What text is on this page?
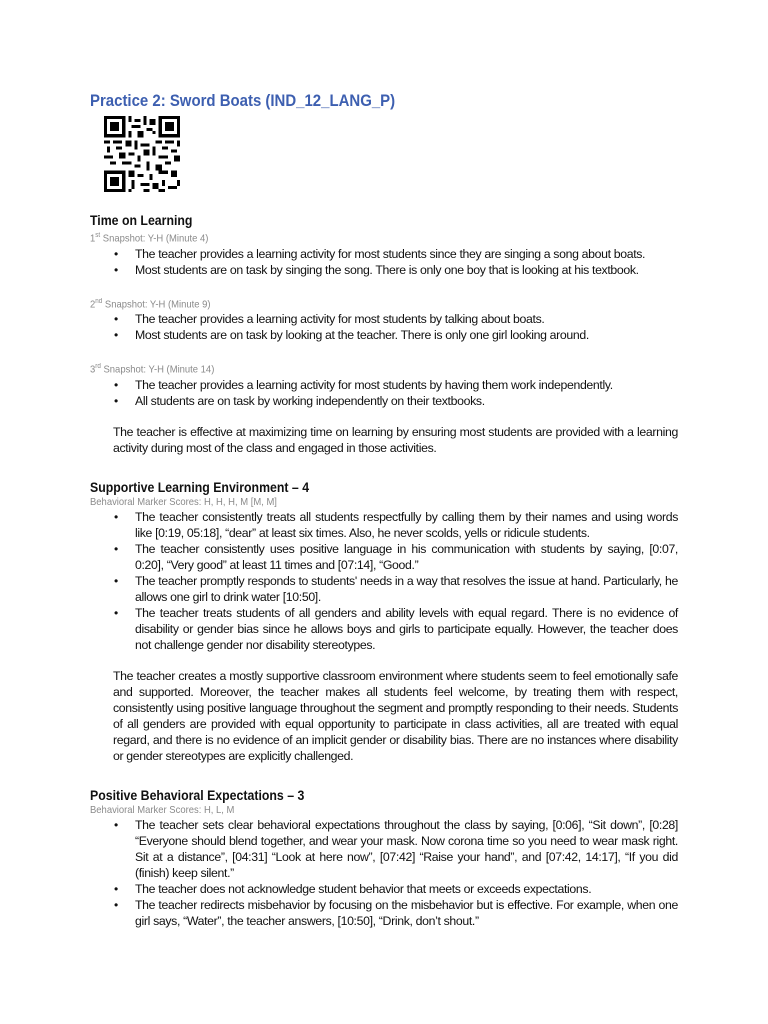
Practice 2: Sword Boats (IND_12_LANG_P)
Time on Learning

1st Snapshot: Y-H (Minute 4)

• The teacher provides a learning activity for most students since they are singing a song about boats.
• Most students are on task by singing the song. There is only one boy that is looking at his textbook.

2nd Snapshot: Y-H (Minute 9)

• The teacher provides a learning activity for most students by talking about boats.
• Most students are on task by looking at the teacher. There is only one girl looking around.

3rd Snapshot: Y-H (Minute 14)

• The teacher provides a learning activity for most students by having them work independently.
• All students are on task by working independently on their textbooks.

The teacher is effective at maximizing time on learning by ensuring most students are provided with a learning activity during most of the class and engaged in those activities.

Supportive Learning Environment – 4

Behavioral Marker Scores: H, H, H, M [M, M]

• The teacher consistently treats all students respectfully by calling them by their names and using words like [0:19, 05:18], “dear” at least six times. Also, he never scolds, yells or ridicule students.
• The teacher consistently uses positive language in his communication with students by saying, [0:07, 0:20], “Very good” at least 11 times and [07:14], “Good.”
• The teacher promptly responds to students' needs in a way that resolves the issue at hand. Particularly, he allows one girl to drink water [10:50].
• The teacher treats students of all genders and ability levels with equal regard. There is no evidence of disability or gender bias since he allows boys and girls to participate equally. However, the teacher does not challenge gender nor disability stereotypes.

The teacher creates a mostly supportive classroom environment where students seem to feel emotionally safe and supported. Moreover, the teacher makes all students feel welcome, by treating them with respect, consistently using positive language throughout the segment and promptly responding to their needs. Students of all genders are provided with equal opportunity to participate in class activities, all are treated with equal regard, and there is no evidence of an implicit gender or disability bias. There are no instances where disability or gender stereotypes are explicitly challenged.

Positive Behavioral Expectations – 3

Behavioral Marker Scores: H, L, M

• The teacher sets clear behavioral expectations throughout the class by saying, [0:06], “Sit down”, [0:28] “Everyone should blend together, and wear your mask. Now corona time so you need to wear mask right. Sit at a distance”, [04:31] “Look at here now”, [07:42] “Raise your hand”, and [07:42, 14:17], “If you did (finish) keep silent.”
• The teacher does not acknowledge student behavior that meets or exceeds expectations.
• The teacher redirects misbehavior by focusing on the misbehavior but is effective. For example, when one girl says, “Water”, the teacher answers, [10:50], “Drink, don’t shout.”
